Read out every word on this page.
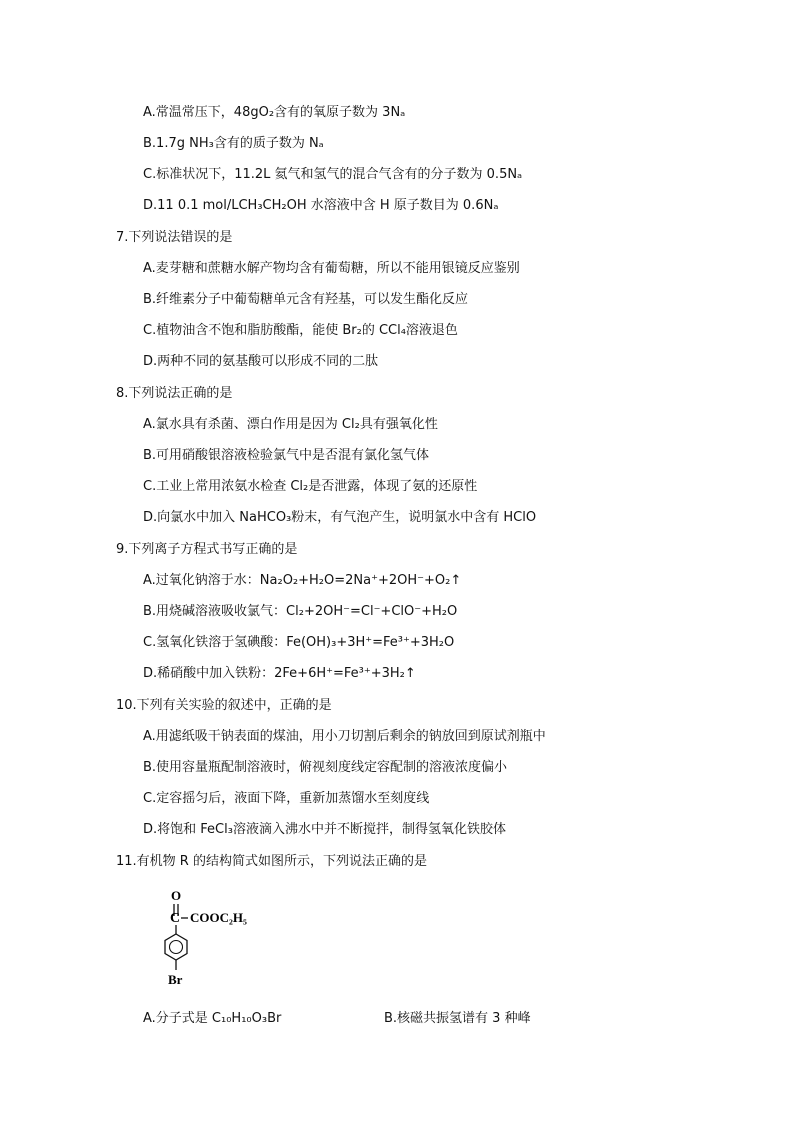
A.常温常压下，48gO₂含有的氧原子数为 3Nₐ
B.1.7g NH₃含有的质子数为 Nₐ
C.标准状况下，11.2L 氦气和氢气的混合气含有的分子数为 0.5Nₐ
D.11 0.1 mol/LCH₃CH₂OH 水溶液中含 H 原子数目为 0.6Nₐ
7.下列说法错误的是
A.麦芽糖和蔗糖水解产物均含有葡萄糖，所以不能用银镜反应鉴别
B.纤维素分子中葡萄糖单元含有羟基，可以发生酯化反应
C.植物油含不饱和脂肪酸酯，能使 Br₂的 CCl₄溶液退色
D.两种不同的氨基酸可以形成不同的二肽
8.下列说法正确的是
A.氯水具有杀菌、漂白作用是因为 Cl₂具有强氧化性
B.可用硝酸银溶液检验氯气中是否混有氯化氢气体
C.工业上常用浓氨水检查 Cl₂是否泄露，体现了氨的还原性
D.向氯水中加入 NaHCO₃粉末，有气泡产生，说明氯水中含有 HClO
9.下列离子方程式书写正确的是
A.过氧化钠溶于水：Na₂O₂+H₂O=2Na⁺+2OH⁻+O₂↑
B.用烧碱溶液吸收氯气：Cl₂+2OH⁻=Cl⁻+ClO⁻+H₂O
C.氢氧化铁溶于氢碘酸：Fe(OH)₃+3H⁺=Fe³⁺+3H₂O
D.稀硝酸中加入铁粉：2Fe+6H⁺=Fe³⁺+3H₂↑
10.下列有关实验的叙述中，正确的是
A.用滤纸吸干钠表面的煤油，用小刀切割后剩余的钠放回到原试剂瓶中
B.使用容量瓶配制溶液时，俯视刻度线定容配制的溶液浓度偏小
C.定容摇匀后，液面下降，重新加蒸馏水至刻度线
D.将饱和 FeCl₃溶液滴入沸水中并不断搅拌，制得氢氧化铁胶体
11.有机物 R 的结构简式如图所示，下列说法正确的是
O
C COOC₂H₅
Br
A.分子式是 C₁₀H₁₀O₃Br	B.核磁共振氢谱有 3 种峰
